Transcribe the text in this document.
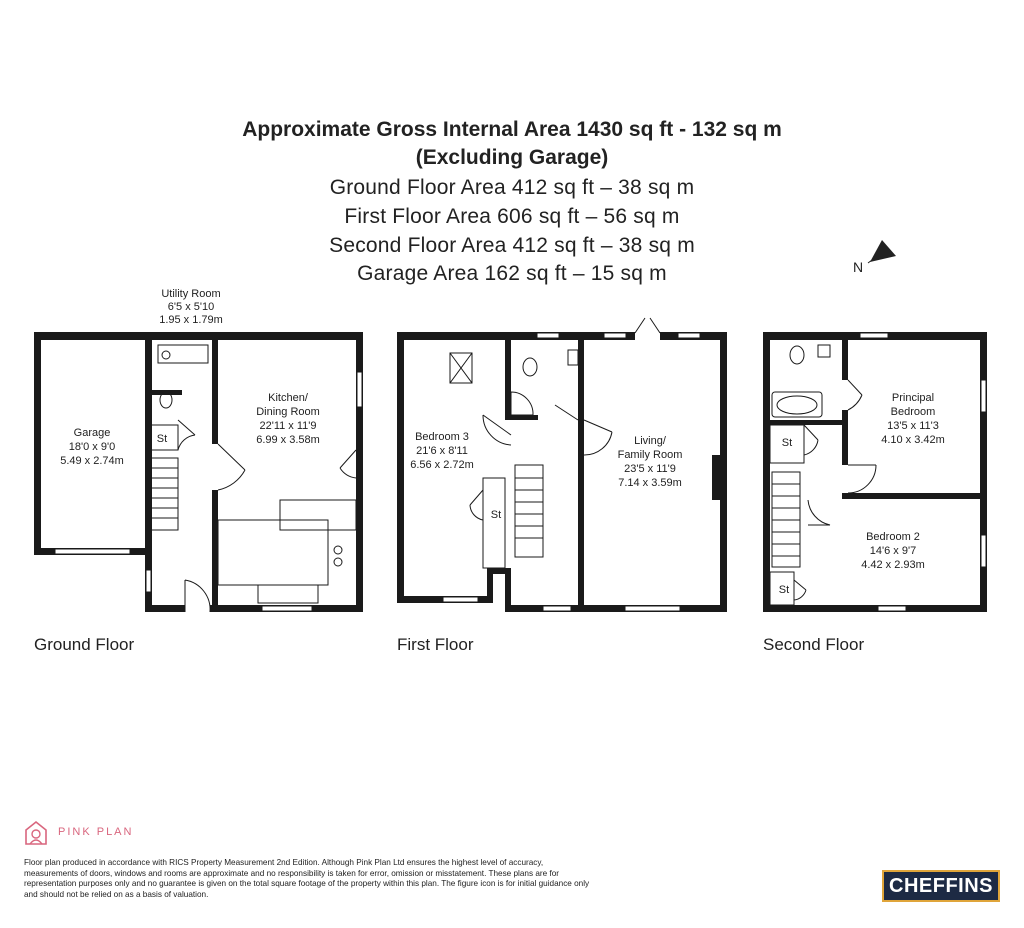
Approximate Gross Internal Area 1430 sq ft - 132 sq m
(Excluding Garage)
Ground Floor Area 412 sq ft – 38 sq m
First Floor Area 606 sq ft – 56 sq m
Second Floor Area 412 sq ft – 38 sq m
Garage Area 162 sq ft – 15 sq m	N
St
Utility Room
6'5 x 5'10
1.95 x 1.79m
Garage
18'0 x 9'0
5.49 x 2.74m
Kitchen/
Dining Room
22'11 x 11'9
6.99 x 3.58m
Ground Floor
St
Bedroom 3
21'6 x 8'11
6.56 x 2.72m
Living/
Family Room
23'5 x 11'9
7.14 x 3.59m
First Floor
St
St
Principal
Bedroom
13'5 x 11'3
4.10 x 3.42m
Bedroom 2
14'6 x 9'7
4.42 x 2.93m
Second Floor
PINK PLAN
Floor plan produced in accordance with RICS Property Measurement 2nd Edition. Although Pink Plan Ltd ensures the highest level of accuracy, measurements of doors, windows and rooms are approximate and no responsibility is taken for error, omission or misstatement. These plans are for representation purposes only and no guarantee is given on the total square footage of the property within this plan. The figure icon is for initial guidance only and should not be relied on as a basis of valuation.	CHEFFINS
